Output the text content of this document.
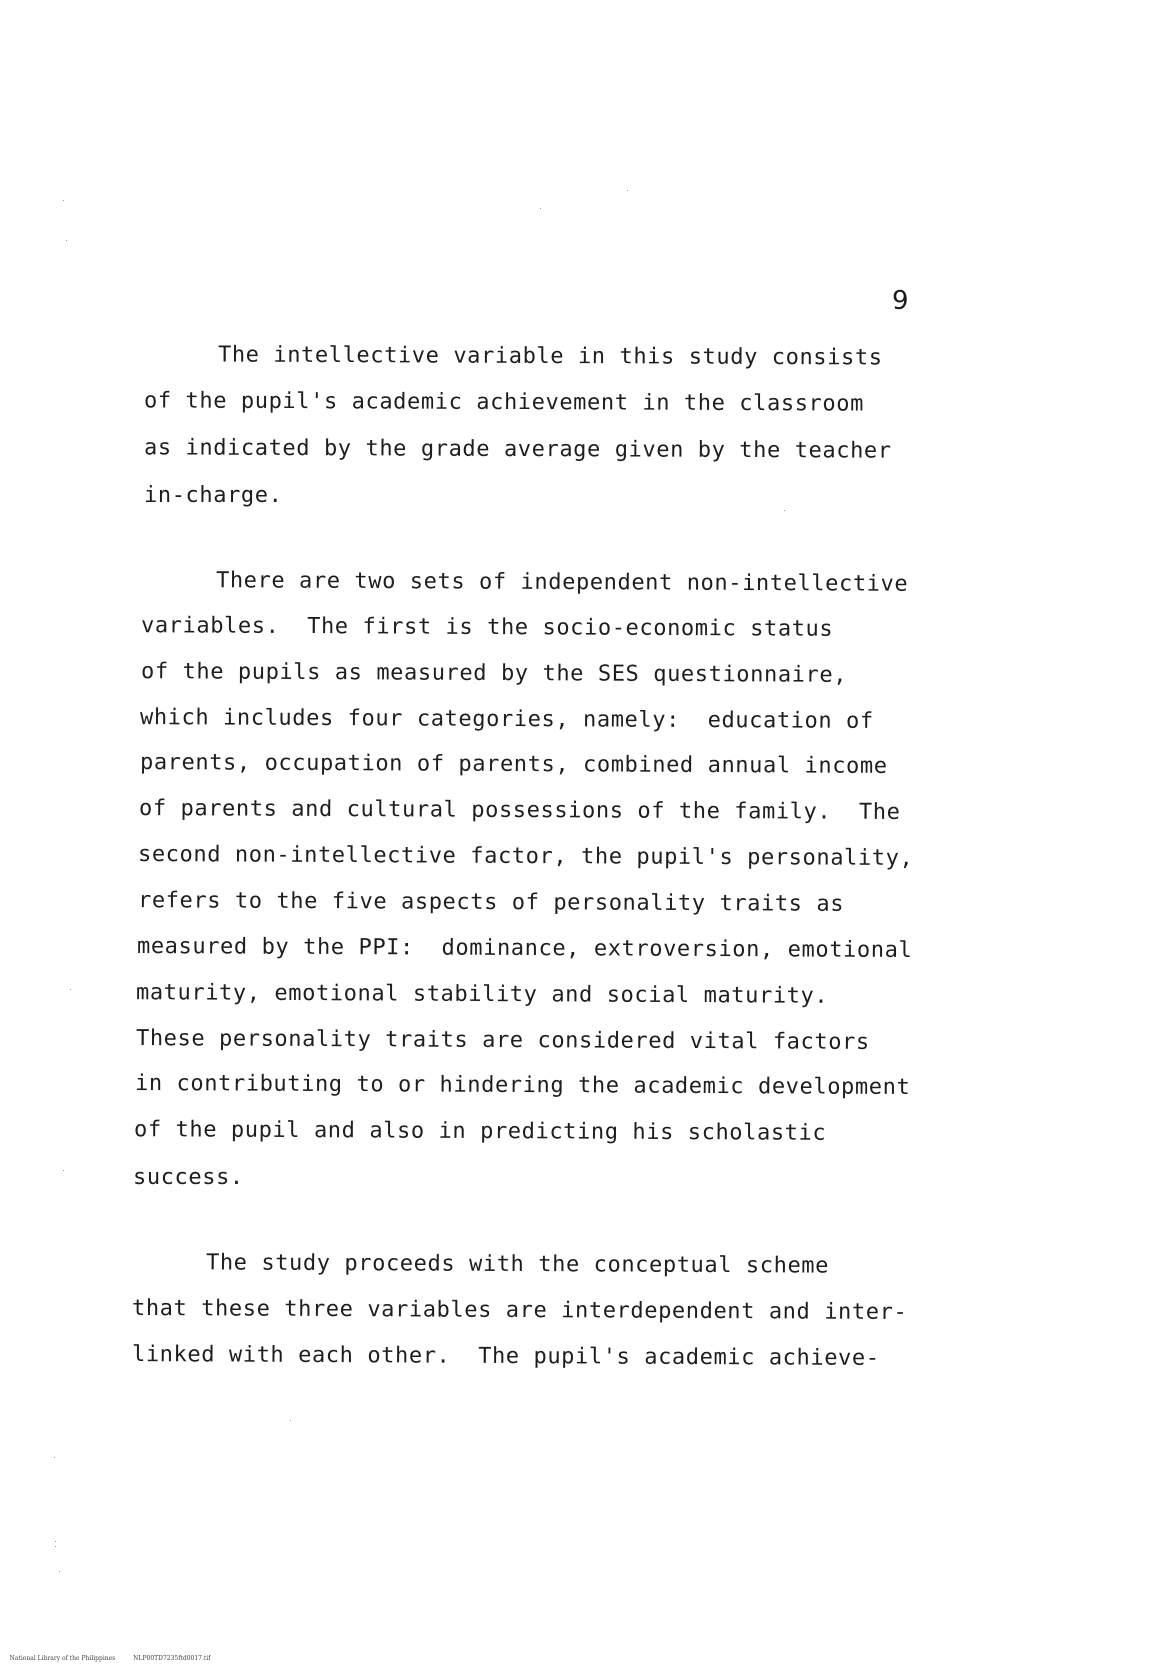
9
The intellective variable in this study consists
of the pupil's academic achievement in the classroom
as indicated by the grade average given by the teacher
in-charge.
There are two sets of independent non-intellective
variables.  The first is the socio-economic status
of the pupils as measured by the SES questionnaire,
which includes four categories, namely:  education of
parents, occupation of parents, combined annual income
of parents and cultural possessions of the family.  The
second non-intellective factor, the pupil's personality,
refers to the five aspects of personality traits as
measured by the PPI:  dominance, extroversion, emotional
maturity, emotional stability and social maturity.
These personality traits are considered vital factors
in contributing to or hindering the academic development
of the pupil and also in predicting his scholastic
success.
The study proceeds with the conceptual scheme
that these three variables are interdependent and inter-
linked with each other.  The pupil's academic achieve-

National Library of the Philippines	NLP00TD7235ftd0017.tif
